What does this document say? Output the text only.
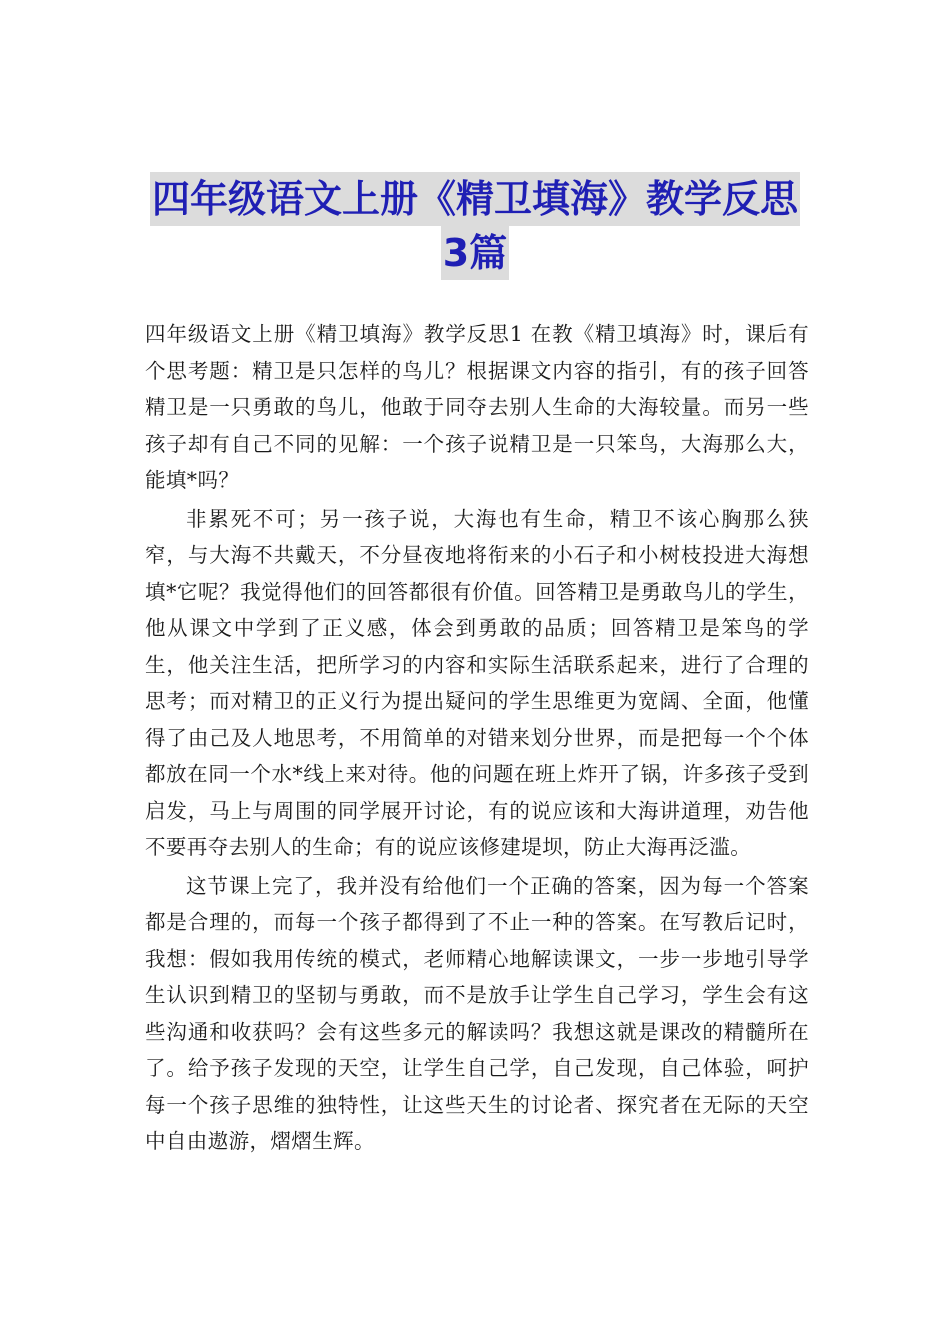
四年级语文上册《精卫填海》教学反思
3篇

四年级语文上册《精卫填海》教学反思1 在教《精卫填海》时，课后有个思考题：精卫是只怎样的鸟儿？根据课文内容的指引，有的孩子回答精卫是一只勇敢的鸟儿，他敢于同夺去别人生命的大海较量。而另一些孩子却有自己不同的见解：一个孩子说精卫是一只笨鸟，大海那么大，能填*吗？

非累死不可；另一孩子说，大海也有生命，精卫不该心胸那么狭窄，与大海不共戴天，不分昼夜地将衔来的小石子和小树枝投进大海想填*它呢？我觉得他们的回答都很有价值。回答精卫是勇敢鸟儿的学生，他从课文中学到了正义感，体会到勇敢的品质；回答精卫是笨鸟的学生，他关注生活，把所学习的内容和实际生活联系起来，进行了合理的思考；而对精卫的正义行为提出疑问的学生思维更为宽阔、全面，他懂得了由己及人地思考，不用简单的对错来划分世界，而是把每一个个体都放在同一个水*线上来对待。他的问题在班上炸开了锅，许多孩子受到启发，马上与周围的同学展开讨论，有的说应该和大海讲道理，劝告他不要再夺去别人的生命；有的说应该修建堤坝，防止大海再泛滥。

这节课上完了，我并没有给他们一个正确的答案，因为每一个答案都是合理的，而每一个孩子都得到了不止一种的答案。在写教后记时，我想：假如我用传统的模式，老师精心地解读课文，一步一步地引导学生认识到精卫的坚韧与勇敢，而不是放手让学生自己学习，学生会有这些沟通和收获吗？会有这些多元的解读吗？我想这就是课改的精髓所在了。给予孩子发现的天空，让学生自己学，自己发现，自己体验，呵护每一个孩子思维的独特性，让这些天生的讨论者、探究者在无际的天空中自由遨游，熠熠生辉。
